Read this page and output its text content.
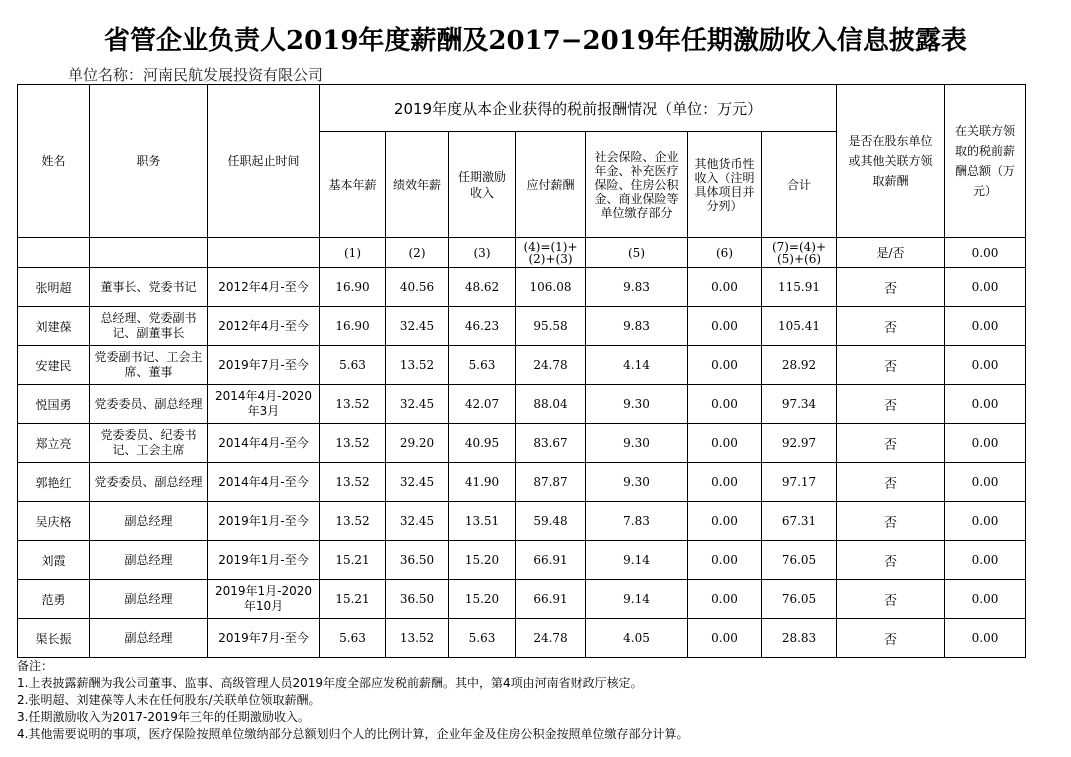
省管企业负责人2019年度薪酬及2017−2019年任期激励收入信息披露表
单位名称：河南民航发展投资有限公司
姓名	职务	任职起止时间	2019年度从本企业获得的税前报酬情况（单位：万元）							是否在股东单位或其他关联方领取薪酬	在关联方领取的税前薪酬总额（万元）
			基本年薪	绩效年薪	任期激励收入	应付薪酬	社会保险、企业年金、补充医疗保险、住房公积金、商业保险等单位缴存部分	其他货币性收入（注明具体项目并分列）	合计		
			(1)	(2)	(3)	(4)=(1)+(2)+(3)	(5)	(6)	(7)=(4)+(5)+(6)	是/否	0.00
张明超	董事长、党委书记	2012年4月-至今	16.90	40.56	48.62	106.08	9.83	0.00	115.91	否	0.00
刘建葆	总经理、党委副书记、副董事长	2012年4月-至今	16.90	32.45	46.23	95.58	9.83	0.00	105.41	否	0.00
安建民	党委副书记、工会主席、董事	2019年7月-至今	5.63	13.52	5.63	24.78	4.14	0.00	28.92	否	0.00
悦国勇	党委委员、副总经理	2014年4月-2020年3月	13.52	32.45	42.07	88.04	9.30	0.00	97.34	否	0.00
郑立亮	党委委员、纪委书记、工会主席	2014年4月-至今	13.52	29.20	40.95	83.67	9.30	0.00	92.97	否	0.00
郭艳红	党委委员、副总经理	2014年4月-至今	13.52	32.45	41.90	87.87	9.30	0.00	97.17	否	0.00
吴庆格	副总经理	2019年1月-至今	13.52	32.45	13.51	59.48	7.83	0.00	67.31	否	0.00
刘霞	副总经理	2019年1月-至今	15.21	36.50	15.20	66.91	9.14	0.00	76.05	否	0.00
范勇	副总经理	2019年1月-2020年10月	15.21	36.50	15.20	66.91	9.14	0.00	76.05	否	0.00
渠长振	副总经理	2019年7月-至今	5.63	13.52	5.63	24.78	4.05	0.00	28.83	否	0.00
备注：
1.上表披露薪酬为我公司董事、监事、高级管理人员2019年度全部应发税前薪酬。其中，第4项由河南省财政厅核定。
2.张明超、刘建葆等人未在任何股东/关联单位领取薪酬。
3.任期激励收入为2017-2019年三年的任期激励收入。
4.其他需要说明的事项，医疗保险按照单位缴纳部分总额划归个人的比例计算，企业年金及住房公积金按照单位缴存部分计算。
